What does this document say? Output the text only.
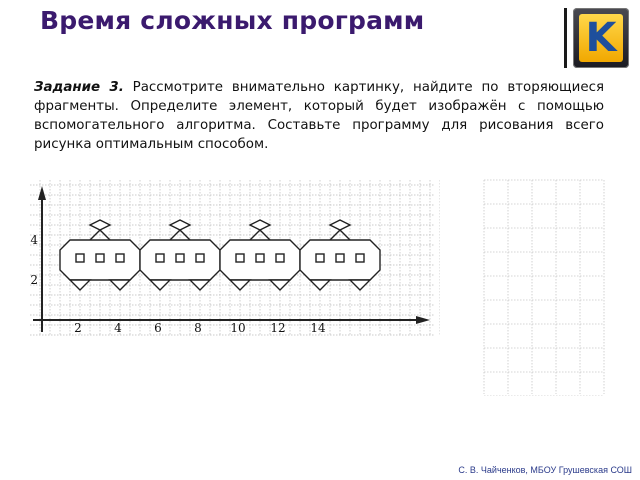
Время сложных программ	K
Задание 3. Рассмотрите внимательно картинку, найдите по вторяющиеся фрагменты. Определите элемент, который будет изображён с помощью вспомогательного алгоритма. Составьте программу для рисования всего рисунка оптимальным способом.
2	4	6	8 10 12 14
4
2
С. В. Чайченков, МБОУ Грушевская СОШ
